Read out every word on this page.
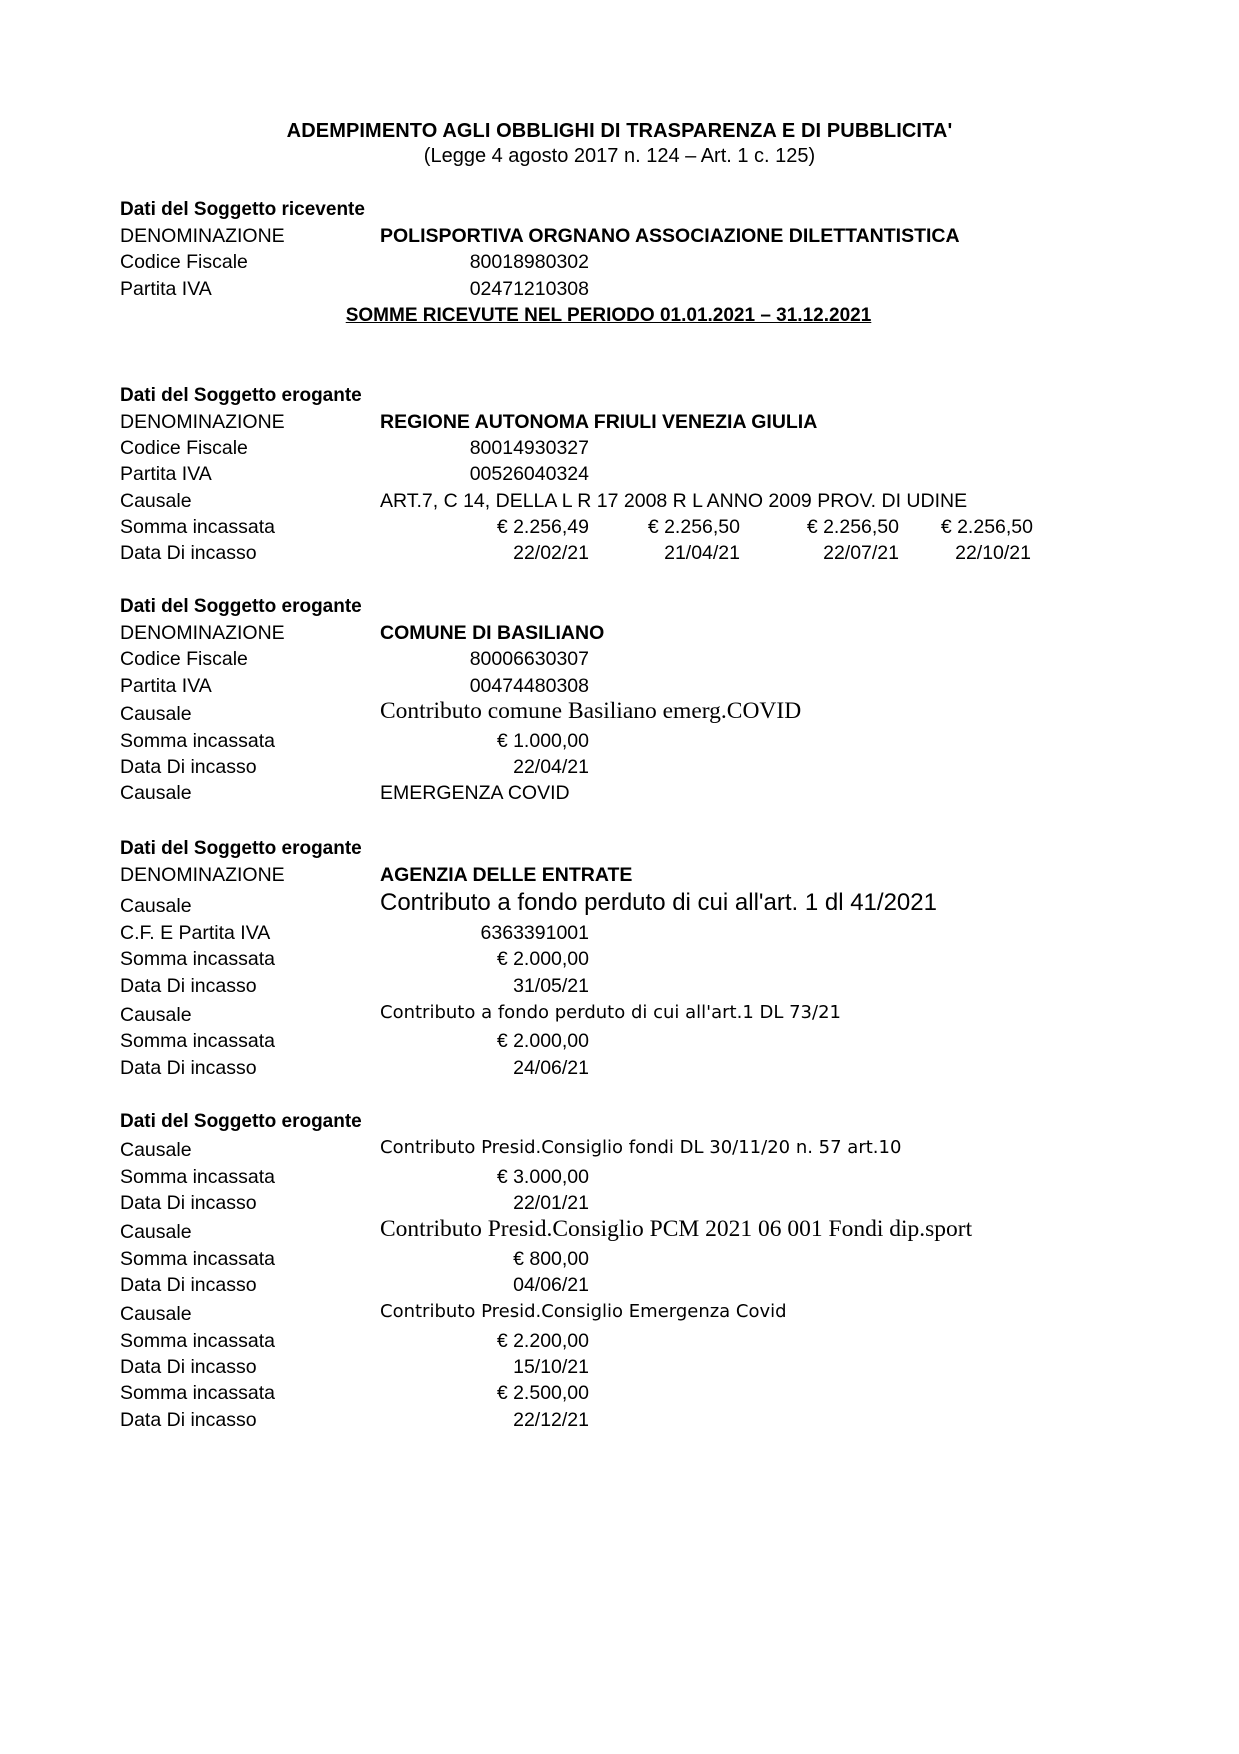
ADEMPIMENTO AGLI OBBLIGHI DI TRASPARENZA E DI PUBBLICITA'
(Legge 4 agosto 2017 n. 124 – Art. 1 c. 125)
Dati del Soggetto ricevente
DENOMINAZIONE	POLISPORTIVA ORGNANO ASSOCIAZIONE DILETTANTISTICA
Codice Fiscale	80018980302
Partita IVA	02471210308
SOMME RICEVUTE NEL PERIODO 01.01.2021 – 31.12.2021
Dati del Soggetto erogante
DENOMINAZIONE	REGIONE AUTONOMA FRIULI VENEZIA GIULIA
Codice Fiscale	80014930327
Partita IVA	00526040324
Causale	ART.7, C 14, DELLA L R 17 2008 R L ANNO 2009 PROV. DI UDINE
Somma incassata	€ 2.256,49	€ 2.256,50	€ 2.256,50	€ 2.256,50
Data Di incasso	22/02/21	21/04/21	22/07/21	22/10/21
Dati del Soggetto erogante
DENOMINAZIONE	COMUNE DI BASILIANO
Codice Fiscale	80006630307
Partita IVA	00474480308
Causale	Contributo comune Basiliano emerg.COVID
Somma incassata	€ 1.000,00
Data Di incasso	22/04/21
Causale	EMERGENZA COVID
Dati del Soggetto erogante
DENOMINAZIONE	AGENZIA DELLE ENTRATE
Causale	Contributo a fondo perduto di cui all'art. 1 dl 41/2021
C.F. E Partita IVA	6363391001
Somma incassata	€ 2.000,00
Data Di incasso	31/05/21
Causale	Contributo a fondo perduto di cui all'art.1 DL 73/21
Somma incassata	€ 2.000,00
Data Di incasso	24/06/21
Dati del Soggetto erogante
Causale	Contributo Presid.Consiglio fondi DL 30/11/20 n. 57 art.10
Somma incassata	€ 3.000,00
Data Di incasso	22/01/21
Causale	Contributo Presid.Consiglio PCM 2021 06 001 Fondi dip.sport
Somma incassata	€ 800,00
Data Di incasso	04/06/21
Causale	Contributo Presid.Consiglio Emergenza Covid
Somma incassata	€ 2.200,00
Data Di incasso	15/10/21
Somma incassata	€ 2.500,00
Data Di incasso	22/12/21
